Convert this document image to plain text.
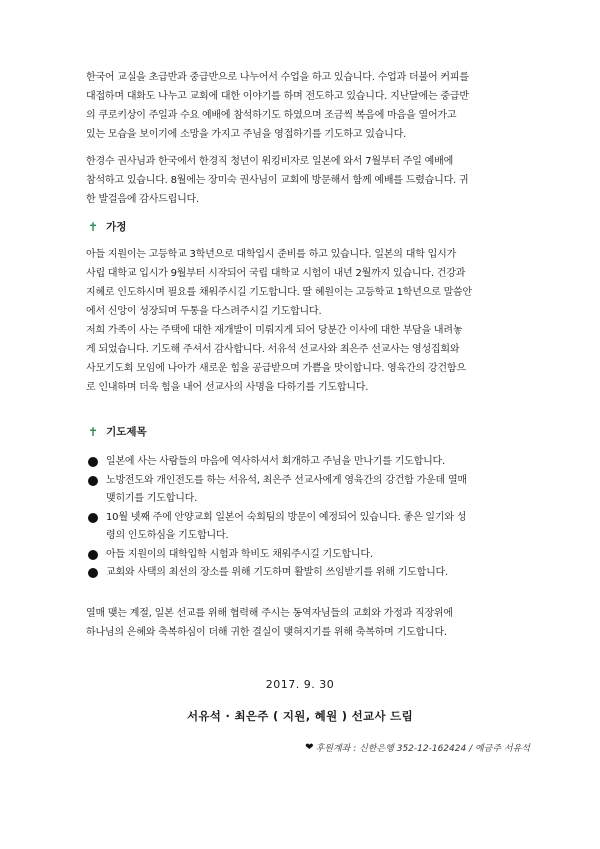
한국어 교실을 초급반과 중급반으로 나누어서 수업을 하고 있습니다. 수업과 더불어 커피를
대접하며 대화도 나누고 교회에 대한 이야기를 하며 전도하고 있습니다. 지난달에는 중급반
의 쿠로키상이 주일과 수요 예배에 참석하기도 하였으며 조금씩 복음에 마음을 열어가고
있는 모습을 보이기에 소망을 가지고 주님을 영접하기를 기도하고 있습니다.
한경수 권사님과 한국에서 한경직 청년이 워킹비자로 일본에 와서 7월부터 주일 예배에
참석하고 있습니다. 8월에는 장미숙 권사님이 교회에 방문해서 함께 예배를 드렸습니다. 귀
한 발걸음에 감사드립니다.
✝ 가정
아들 지원이는 고등학교 3학년으로 대학입시 준비를 하고 있습니다. 일본의 대학 입시가
사립 대학교 입시가 9월부터 시작되어 국립 대학교 시험이 내년 2월까지 있습니다. 건강과
지혜로 인도하시며 필요를 채워주시길 기도합니다. 딸 혜원이는 고등학교 1학년으로 말씀안
에서 신앙이 성장되며 두통을 다스려주시길 기도합니다.
저희 가족이 사는 주택에 대한 재개발이 미뤄지게 되어 당분간 이사에 대한 부담을 내려놓
게 되었습니다. 기도해 주셔서 감사합니다. 서유석 선교사와 최은주 선교사는 영성집회와
사모기도회 모임에 나아가 새로운 힘을 공급받으며 가쁨을 맛이합니다. 영육간의 강건함으
로 인내하며 더욱 힘을 내어 선교사의 사명을 다하기를 기도합니다.
✝ 기도제목
일본에 사는 사람들의 마음에 역사하셔서 회개하고 주님을 만나기를 기도합니다.
노방전도와 개인전도를 하는 서유석, 최은주 선교사에게 영육간의 강건함 가운데 열매
맺히기를 기도합니다.
10월 넷째 주에 안양교회 일본어 숙회팀의 방문이 예정되어 있습니다. 좋은 일기와 성
령의 인도하심을 기도합니다.
아들 지원이의 대학입학 시험과 학비도 채워주시길 기도합니다.
교회와 사택의 최선의 장소를 위해 기도하며 활발히 쓰임받기를 위해 기도합니다.
열매 맺는 계절, 일본 선교를 위해 협력해 주시는 동역자님들의 교회와 가정과 직장위에
하나님의 은혜와 축복하심이 더해 귀한 결실이 맺혀지기를 위해 축복하며 기도합니다.
2017. 9. 30
서유석 · 최은주 ( 지원, 혜원 ) 선교사 드림
❤ 후원계좌 : 신한은행 352-12-162424 / 예금주 서유석
